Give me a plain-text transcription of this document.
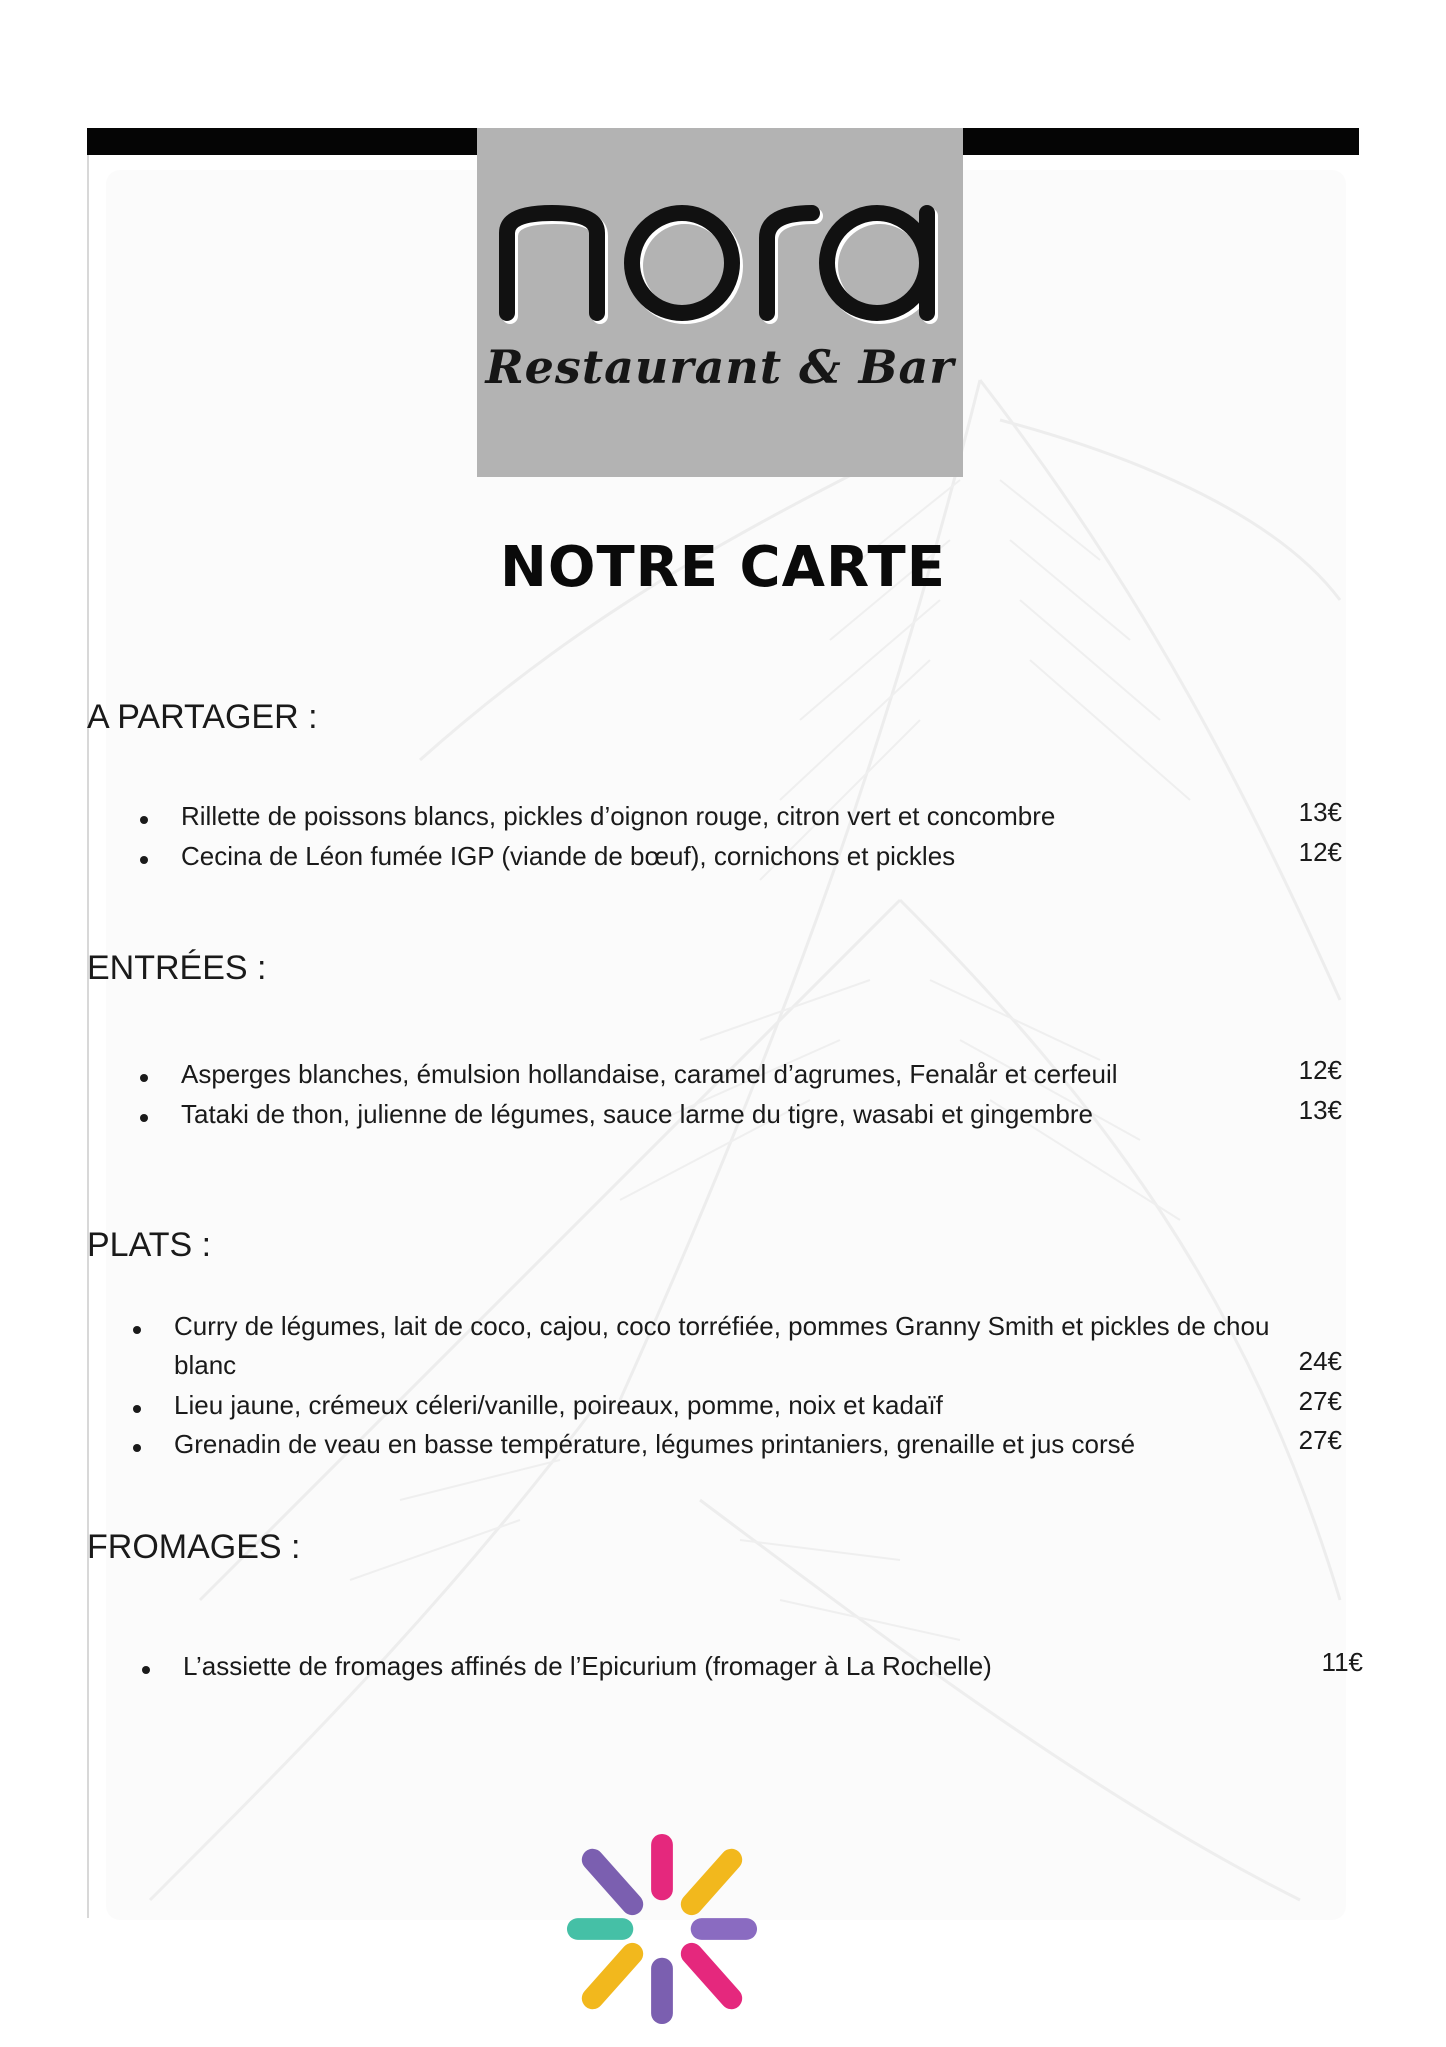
nora
Restaurant & Bar
NOTRE CARTE
A PARTAGER :
Rillette de poissons blancs, pickles d’oignon rouge, citron vert et concombre	13€
Cecina de Léon fumée IGP (viande de bœuf), cornichons et pickles	12€
ENTRÉES :
Asperges blanches, émulsion hollandaise, caramel d’agrumes, Fenalår et cerfeuil	12€
Tataki de thon, julienne de légumes, sauce larme du tigre, wasabi et gingembre	13€
PLATS :
Curry de légumes, lait de coco, cajou, coco torréfiée, pommes Granny Smith et pickles de chou
blanc	24€
Lieu jaune, crémeux céleri/vanille, poireaux, pomme, noix et kadaïf	27€
Grenadin de veau en basse température, légumes printaniers, grenaille et jus corsé	27€
FROMAGES :
L’assiette de fromages affinés de l’Epicurium (fromager à La Rochelle)	11€
